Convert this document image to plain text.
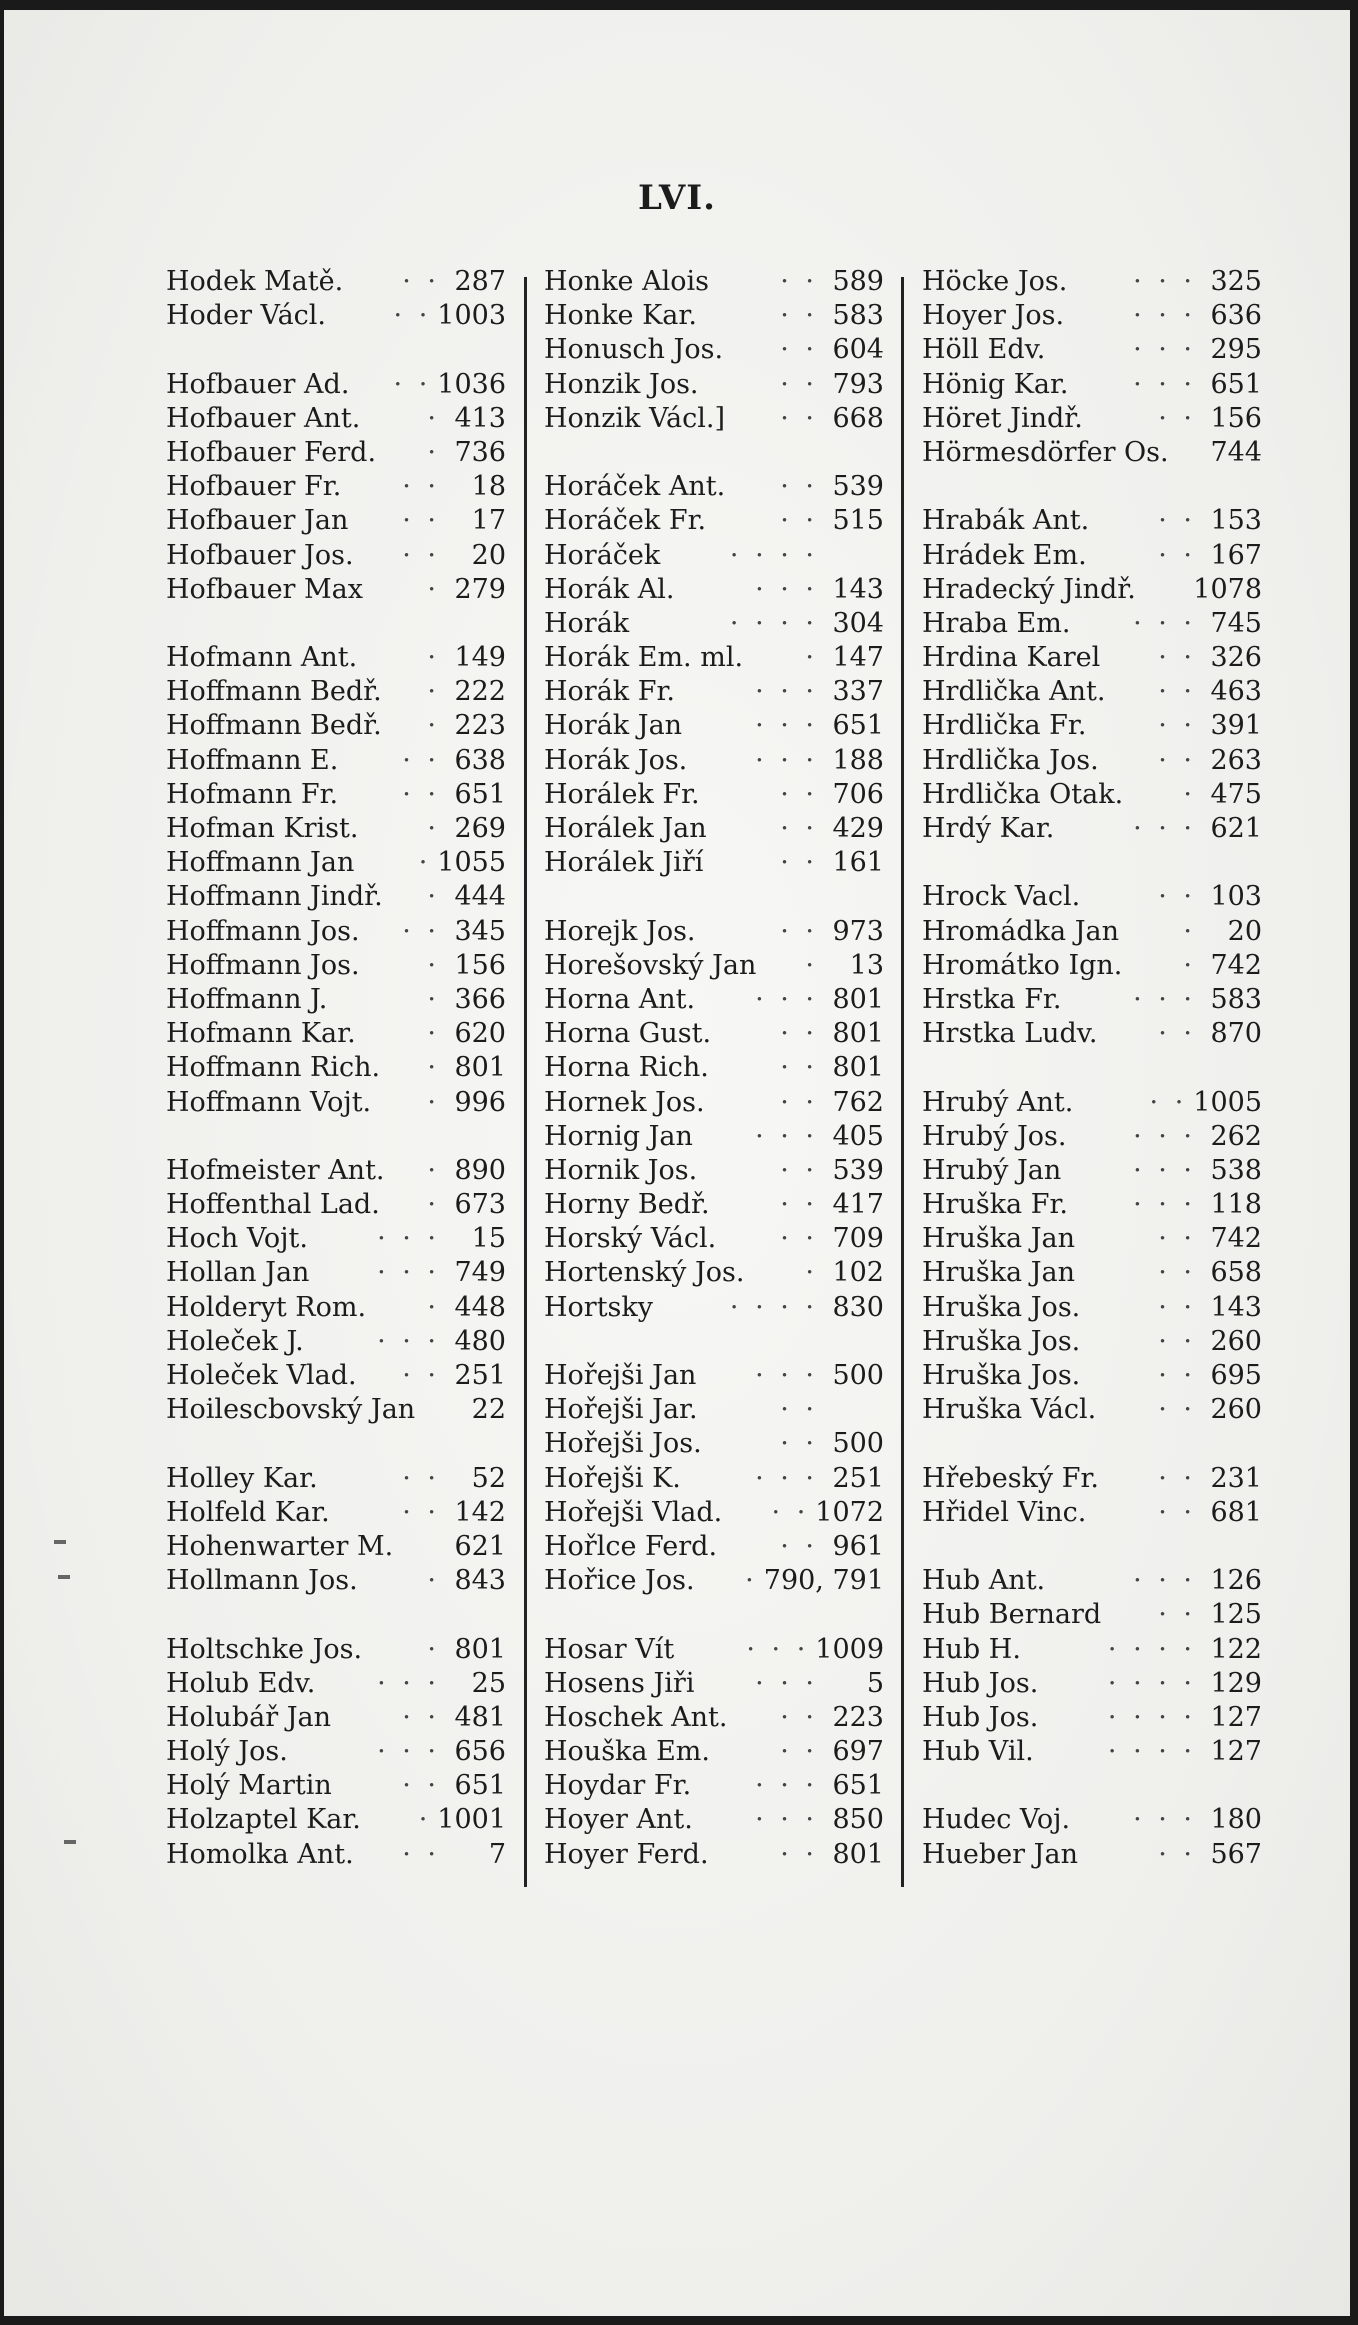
LVI.
Hodek Matě.	· · 287
Hoder Václ.	· · 1003
Hofbauer Ad.	· · 1036
Hofbauer Ant.	· 413
Hofbauer Ferd.	· 736
Hofbauer Fr.	· ·	18
Hofbauer Jan	· ·	17
Hofbauer Jos.	· ·	20
Hofbauer Max	· 279
Hofmann Ant.	· 149
Hoffmann Bedř.	· 222
Hoffmann Bedř.	· 223
Hoffmann E.	· · 638
Hofmann Fr.	· · 651
Hofman Krist.	· 269
Hoffmann Jan	· 1055
Hoffmann Jindř.	· 444
Hoffmann Jos.	· · 345
Hoffmann Jos.	· 156
Hoffmann J.	· 366
Hofmann Kar.	· 620
Hoffmann Rich.	· 801
Hoffmann Vojt.	· 996
Hofmeister Ant.	· 890
Hoffenthal Lad.	· 673
Hoch Vojt.	· · ·	15
Hollan Jan	· · · 749
Holderyt Rom.	· 448
Holeček J.	· · · 480
Holeček Vlad.	· · 251
Hoilescbovský Jan	22
Holley Kar.	· ·	52
Holfeld Kar.	· · 142
Hohenwarter M.	621
Hollmann Jos.	· 843
Holtschke Jos.	· 801
Holub Edv.	· · ·	25
Holubář Jan	· · 481
Holý Jos.	· · · 656
Holý Martin	· · 651
Holzaptel Kar.	· 1001
Homolka Ant.	· ·	7
Honke Alois	· · 589
Honke Kar.	· · 583
Honusch Jos.	· · 604
Honzik Jos.	· · 793
Honzik Václ.]	· · 668
Horáček Ant.	· · 539
Horáček Fr.	· · 515
Horáček	· · · ·
Horák Al.	· · · 143
Horák	· · · · 304
Horák Em. ml.	· 147
Horák Fr.	· · · 337
Horák Jan	· · · 651
Horák Jos.	· · · 188
Horálek Fr.	· · 706
Horálek Jan	· · 429
Horálek Jiří	· · 161
Horejk Jos.	· · 973
Horešovský Jan	·	13
Horna Ant.	· · · 801
Horna Gust.	· · 801
Horna Rich.	· · 801
Hornek Jos.	· · 762
Hornig Jan	· · · 405
Hornik Jos.	· · 539
Horny Bedř.	· · 417
Horský Václ.	· · 709
Hortenský Jos.	· 102
Hortsky	· · · · 830
Hořejši Jan	· · · 500
Hořejši Jar.	· ·
Hořejši Jos.	· · 500
Hořejši K.	· · · 251
Hořejši Vlad.	· · 1072
Hořlce Ferd.	· · 961
Hořice Jos.	· 790, 791
Hosar Vít	· · · 1009
Hosens Jiři	· · ·	5
Hoschek Ant.	· · 223
Houška Em.	· · 697
Hoydar Fr.	· · · 651
Hoyer Ant.	· · · 850
Hoyer Ferd.	· · 801
Höcke Jos.	· · · 325
Hoyer Jos.	· · · 636
Höll Edv.	· · · 295
Hönig Kar.	· · · 651
Höret Jindř.	· · 156
Hörmesdörfer Os.	744
Hrabák Ant.	· · 153
Hrádek Em.	· · 167
Hradecký Jindř.	1078
Hraba Em.	· · · 745
Hrdina Karel	· · 326
Hrdlička Ant.	· · 463
Hrdlička Fr.	· · 391
Hrdlička Jos.	· · 263
Hrdlička Otak.	· 475
Hrdý Kar.	· · · 621
Hrock Vacl.	· · 103
Hromádka Jan	·	20
Hromátko Ign.	· 742
Hrstka Fr.	· · · 583
Hrstka Ludv.	· · 870
Hrubý Ant.	· · 1005
Hrubý Jos.	· · · 262
Hrubý Jan	· · · 538
Hruška Fr.	· · · 118
Hruška Jan	· · 742
Hruška Jan	· · 658
Hruška Jos.	· · 143
Hruška Jos.	· · 260
Hruška Jos.	· · 695
Hruška Václ.	· · 260
Hřebeský Fr.	· · 231
Hřidel Vinc.	· · 681
Hub Ant.	· · · 126
Hub Bernard	· · 125
Hub H.	· · · · 122
Hub Jos.	· · · · 129
Hub Jos.	· · · · 127
Hub Vil.	· · · · 127
Hudec Voj.	· · · 180
Hueber Jan	· · 567
